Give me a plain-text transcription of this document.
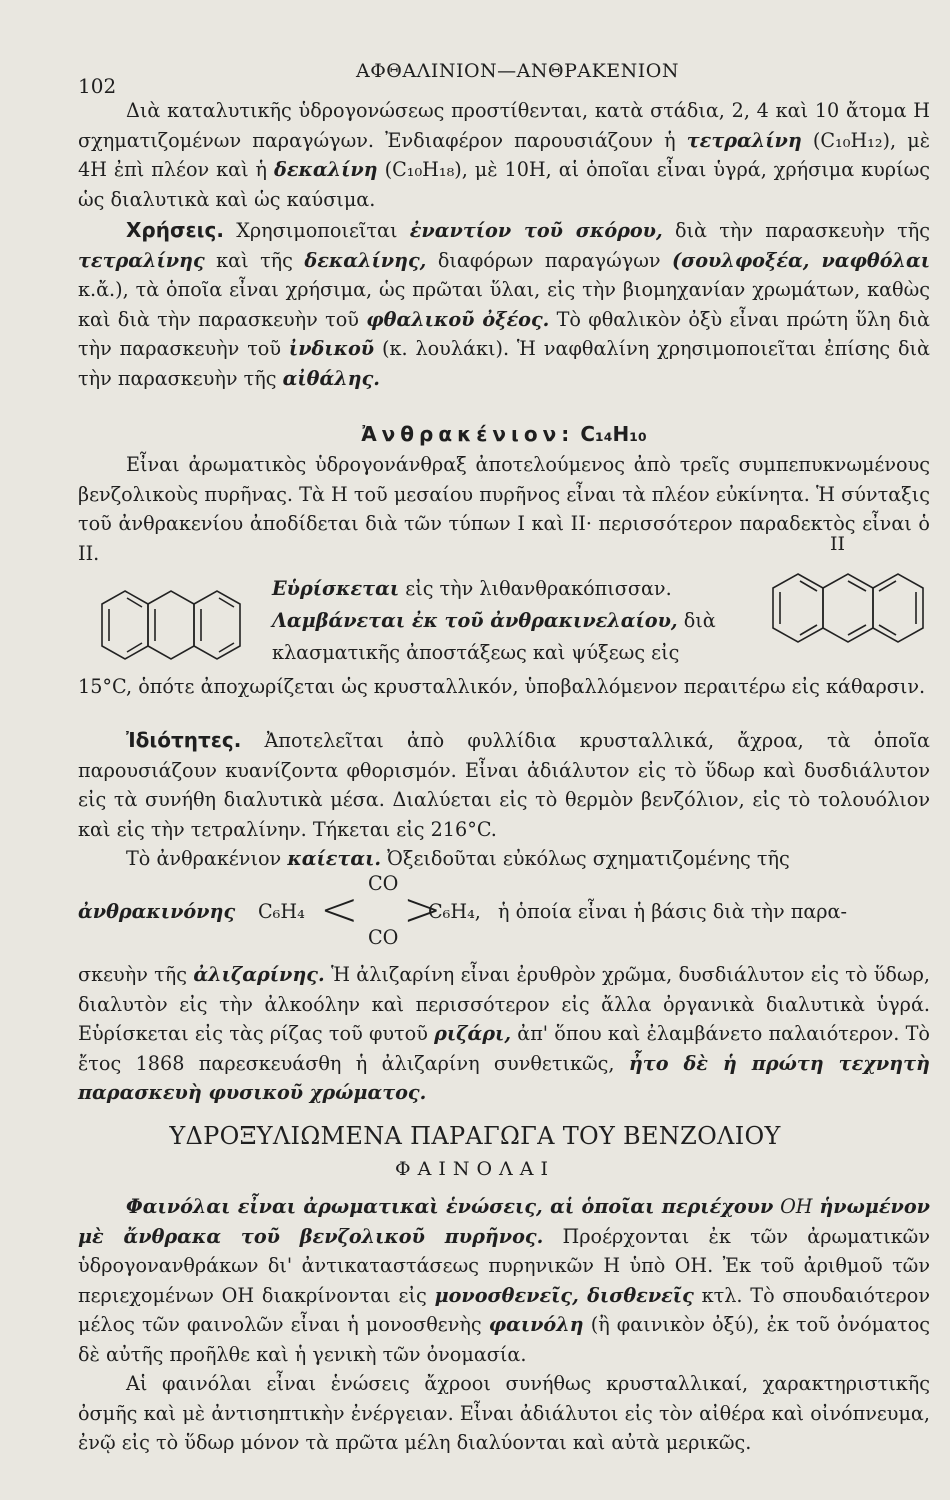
102
ΑΦΘΑΛΙΝΙΟΝ—ΑΝΘΡΑΚΕΝΙΟΝ

Διὰ καταλυτικῆς ὑδρογονώσεως προστίθενται, κατὰ στάδια, 2, 4 καὶ 10 ἄτομα Η σχηματιζομένων παραγώγων. Ἐνδιαφέρον παρουσιάζουν ἡ τετραλίνη (C₁₀H₁₂), μὲ 4Η ἐπὶ πλέον καὶ ἡ δεκαλίνη (C₁₀H₁₈), μὲ 10Η, αἱ ὁποῖαι εἶναι ὑγρά, χρήσιμα κυρίως ὡς διαλυτικὰ καὶ ὡς καύσιμα.

Χρήσεις. Χρησιμοποιεῖται ἐναντίον τοῦ σκόρου, διὰ τὴν παρασκευὴν τῆς τετραλίνης καὶ τῆς δεκαλίνης, διαφόρων παραγώγων (σουλφοξέα, ναφθόλαι κ.ἄ.), τὰ ὁποῖα εἶναι χρήσιμα, ὡς πρῶται ὕλαι, εἰς τὴν βιομηχανίαν χρωμάτων, καθὼς καὶ διὰ τὴν παρασκευὴν τοῦ φθαλικοῦ ὀξέος. Τὸ φθαλικὸν ὀξὺ εἶναι πρώτη ὕλη διὰ τὴν παρασκευὴν τοῦ ἰνδικοῦ (κ. λουλάκι). Ἡ ναφθαλίνη χρησιμοποιεῖται ἐπίσης διὰ τὴν παρασκευὴν τῆς αἰθάλης.

Ἀνθρακένιον: C₁₄H₁₀

Εἶναι ἀρωματικὸς ὑδρογονάνθραξ ἀποτελούμενος ἀπὸ τρεῖς συμπεπυκνωμένους βενζολικοὺς πυρῆνας. Τὰ Η τοῦ μεσαίου πυρῆνος εἶναι τὰ πλέον εὐκίνητα. Ἡ σύνταξις τοῦ ἀνθρακενίου ἀποδίδεται διὰ τῶν τύπων Ι καὶ ΙΙ· περισσότερον παραδεκτὸς εἶναι ὁ ΙΙ.	II
Εὑρίσκεται εἰς τὴν λιθανθρακόπισσαν.
Λαμβάνεται ἐκ τοῦ ἀνθρακινελαίου, διὰ
κλασματικῆς ἀποστάξεως καὶ ψύξεως εἰς
15°C, ὁπότε ἀποχωρίζεται ὡς κρυσταλλικόν, ὑποβαλλόμενον περαιτέρω εἰς κάθαρσιν.

Ἰδιότητες. Ἀποτελεῖται ἀπὸ φυλλίδια κρυσταλλικά, ἄχροα, τὰ ὁποῖα παρουσιάζουν κυανίζοντα φθορισμόν. Εἶναι ἀδιάλυτον εἰς τὸ ὕδωρ καὶ δυσδιάλυτον εἰς τὰ συνήθη διαλυτικὰ μέσα. Διαλύεται εἰς τὸ θερμὸν βενζόλιον, εἰς τὸ τολουόλιον καὶ εἰς τὴν τετραλίνην. Τήκεται εἰς 216°C.

Τὸ ἀνθρακένιον καίεται. Ὀξειδοῦται εὐκόλως σχηματιζομένης τῆς

ἀνθρακινόνης C₆H₄ < CO
CO
>
C₆H₄, ἡ ὁποία εἶναι ἡ βάσις διὰ τὴν παρα-

σκευὴν τῆς ἀλιζαρίνης. Ἡ ἀλιζαρίνη εἶναι ἐρυθρὸν χρῶμα, δυσδιάλυτον εἰς τὸ ὕδωρ, διαλυτὸν εἰς τὴν ἀλκοόλην καὶ περισσότερον εἰς ἄλλα ὀργανικὰ διαλυτικὰ ὑγρά. Εὑρίσκεται εἰς τὰς ρίζας τοῦ φυτοῦ ριζάρι, ἀπ' ὅπου καὶ ἐλαμβάνετο παλαιότερον. Τὸ ἔτος 1868 παρεσκευάσθη ἡ ἀλιζαρίνη συνθετικῶς, ἦτο δὲ ἡ πρώτη τεχνητὴ παρασκευὴ φυσικοῦ χρώματος.

ΥΔΡΟΞΥΛΙΩΜΕΝΑ ΠΑΡΑΓΩΓΑ ΤΟΥ ΒΕΝΖΟΛΙΟΥ
ΦΑΙΝΟΛΑΙ

Φαινόλαι εἶναι ἀρωματικαὶ ἑνώσεις, αἱ ὁποῖαι περιέχουν ΟΗ ἡνωμένον μὲ ἄνθρακα τοῦ βενζολικοῦ πυρῆνος. Προέρχονται ἐκ τῶν ἀρωματικῶν ὑδρογονανθράκων δι' ἀντικαταστάσεως πυρηνικῶν Η ὑπὸ ΟΗ. Ἐκ τοῦ ἀριθμοῦ τῶν περιεχομένων ΟΗ διακρίνονται εἰς μονοσθενεῖς, δισθενεῖς κτλ. Τὸ σπουδαιότερον μέλος τῶν φαινολῶν εἶναι ἡ μονοσθενὴς φαινόλη (ἢ φαινικὸν ὀξύ), ἐκ τοῦ ὀνόματος δὲ αὐτῆς προῆλθε καὶ ἡ γενικὴ τῶν ὀνομασία.

Αἱ φαινόλαι εἶναι ἑνώσεις ἄχροοι συνήθως κρυσταλλικαί, χαρακτηριστικῆς ὀσμῆς καὶ μὲ ἀντισηπτικὴν ἐνέργειαν. Εἶναι ἀδιάλυτοι εἰς τὸν αἰθέρα καὶ οἰνόπνευμα, ἐνῷ εἰς τὸ ὕδωρ μόνον τὰ πρῶτα μέλη διαλύονται καὶ αὐτὰ μερικῶς.
